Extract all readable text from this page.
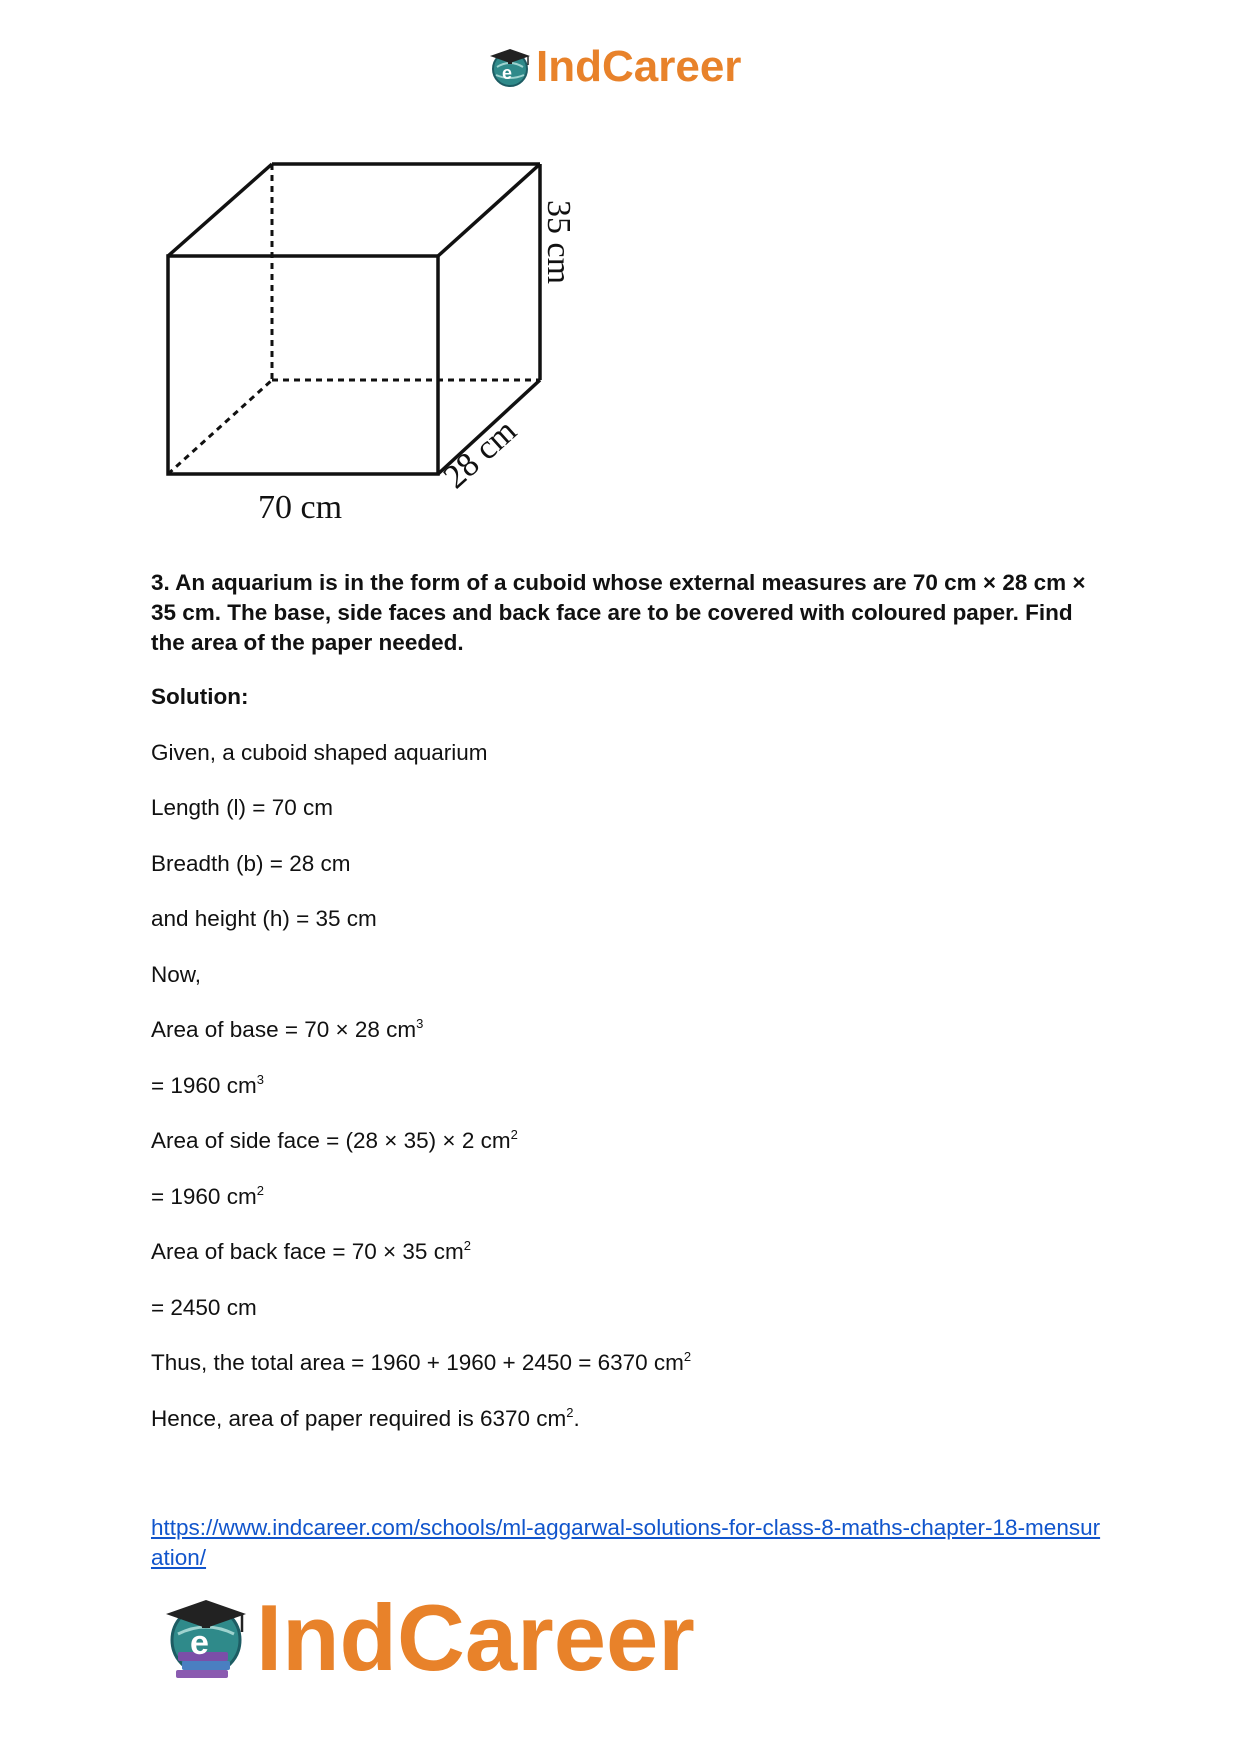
e IndCareer
35 cm
28 cm
70 cm

3. An aquarium is in the form of a cuboid whose external measures are 70 cm × 28 cm × 35 cm. The base, side faces and back face are to be covered with coloured paper. Find the area of the paper needed.

Solution:

Given, a cuboid shaped aquarium

Length (l) = 70 cm

Breadth (b) = 28 cm

and height (h) = 35 cm

Now,

Area of base = 70 × 28 $cm^3$

= 1960 $cm^3$

Area of side face = (28 × 35) × 2 $cm^2$

= 1960 $cm^2$

Area of back face = 70 × 35 $cm^2$

= 2450 cm

Thus, the total area = 1960 + 1960 + 2450 = 6370 $cm^2$

Hence, area of paper required is 6370 $cm^2$.

https://www.indcareer.com/schools/ml-aggarwal-solutions-for-class-8-maths-chapter-18-mensuration/
e IndCareer
